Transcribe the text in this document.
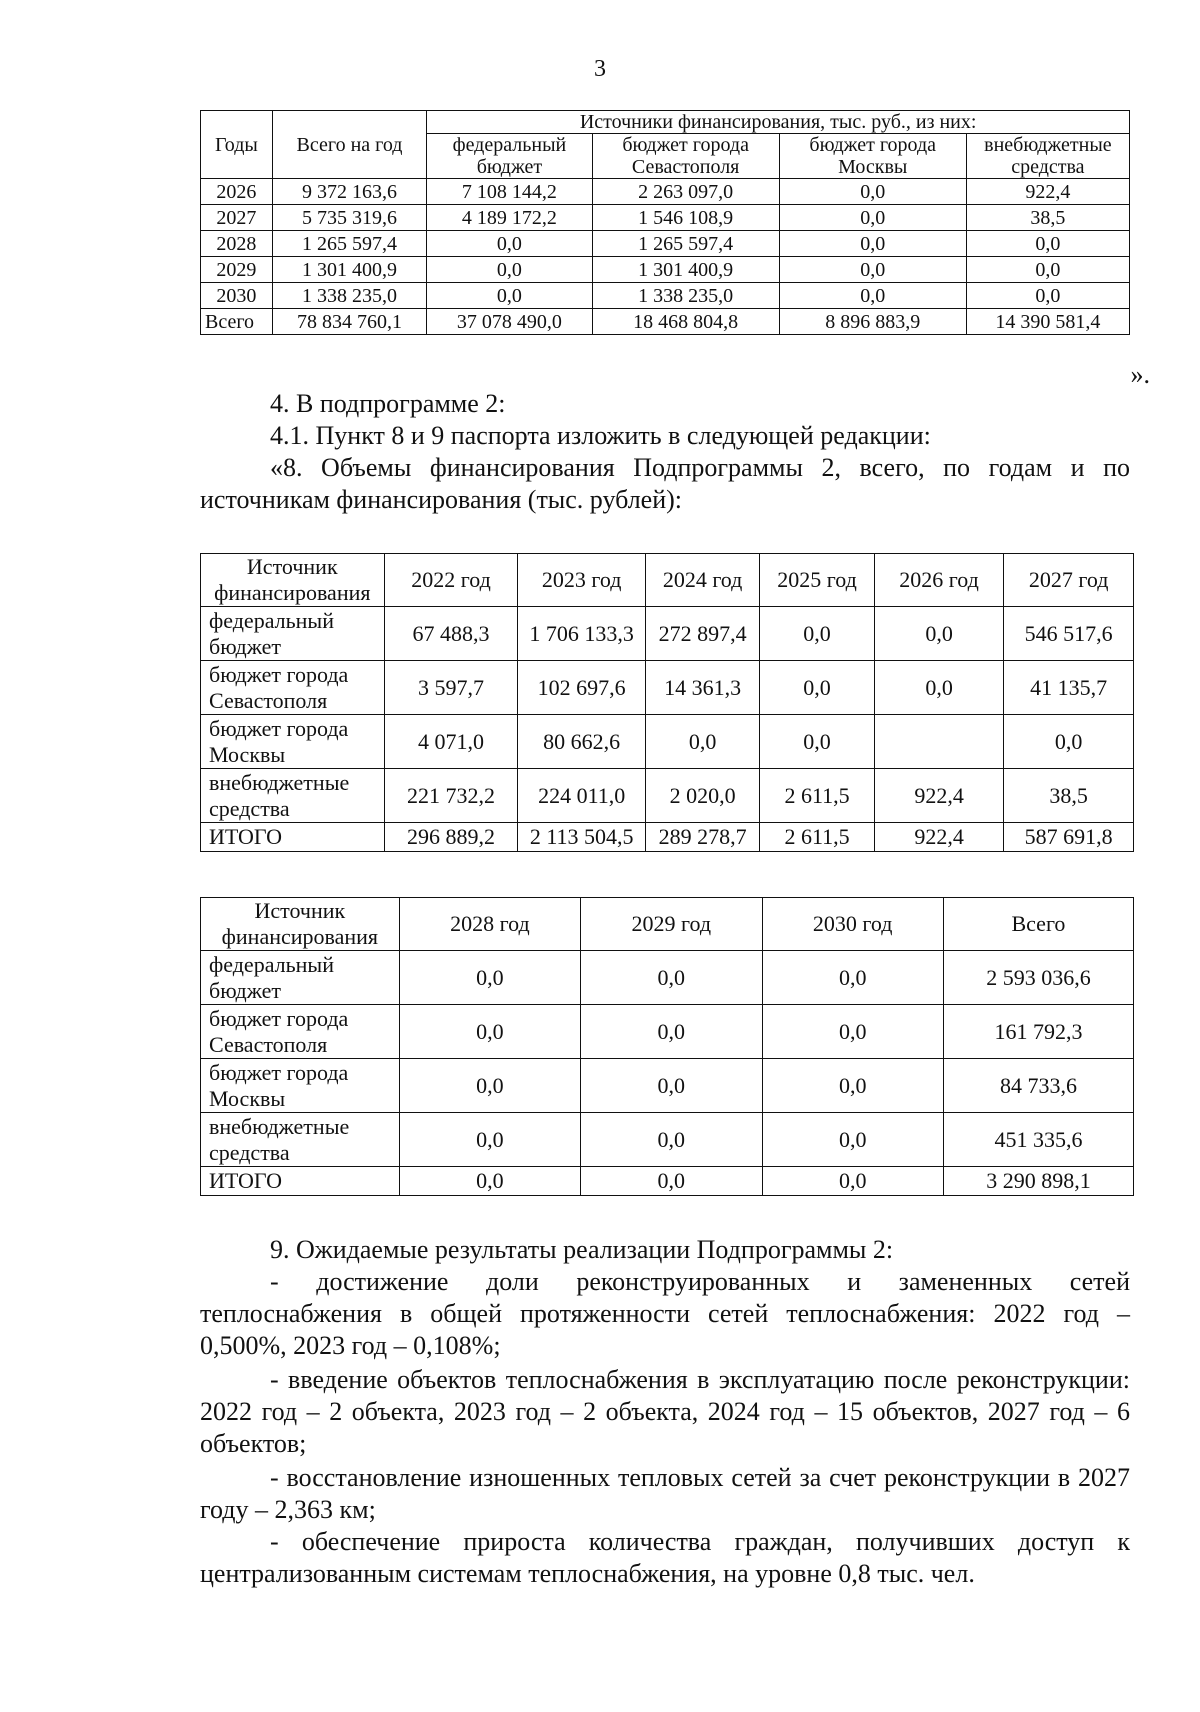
3
Годы	Всего на год	Источники финансирования, тыс. руб., из них:			
		федеральный бюджет	бюджет города Севастополя	бюджет города Москвы	внебюджетные средства
2026	9 372 163,6	7 108 144,2	2 263 097,0	0,0	922,4
2027	5 735 319,6	4 189 172,2	1 546 108,9	0,0	38,5
2028	1 265 597,4	0,0	1 265 597,4	0,0	0,0
2029	1 301 400,9	0,0	1 301 400,9	0,0	0,0
2030	1 338 235,0	0,0	1 338 235,0	0,0	0,0
Всего	78 834 760,1	37 078 490,0	18 468 804,8	8 896 883,9	14 390 581,4
».
4. В подпрограмме 2:
4.1. Пункт 8 и 9 паспорта изложить в следующей редакции:
«8. Объемы финансирования Подпрограммы 2, всего, по годам и по источникам финансирования (тыс. рублей):
Источник финансирования	2022 год	2023 год	2024 год	2025 год	2026 год	2027 год
федеральный бюджет	67 488,3	1 706 133,3	272 897,4	0,0	0,0	546 517,6
бюджет города Севастополя	3 597,7	102 697,6	14 361,3	0,0	0,0	41 135,7
бюджет города Москвы	4 071,0	80 662,6	0,0	0,0		0,0
внебюджетные средства	221 732,2	224 011,0	2 020,0	2 611,5	922,4	38,5
ИТОГО	296 889,2	2 113 504,5	289 278,7	2 611,5	922,4	587 691,8
Источник финансирования	2028 год	2029 год	2030 год	Всего
федеральный бюджет	0,0	0,0	0,0	2 593 036,6
бюджет города Севастополя	0,0	0,0	0,0	161 792,3
бюджет города Москвы	0,0	0,0	0,0	84 733,6
внебюджетные средства	0,0	0,0	0,0	451 335,6
ИТОГО	0,0	0,0	0,0	3 290 898,1
9. Ожидаемые результаты реализации Подпрограммы 2:
- достижение доли реконструированных и замененных сетей теплоснабжения в общей протяженности сетей теплоснабжения: 2022 год – 0,500%, 2023 год – 0,108%;
- введение объектов теплоснабжения в эксплуатацию после реконструкции: 2022 год – 2 объекта, 2023 год – 2 объекта, 2024 год – 15 объектов, 2027 год – 6 объектов;
- восстановление изношенных тепловых сетей за счет реконструкции в 2027 году – 2,363 км;
- обеспечение прироста количества граждан, получивших доступ к централизованным системам теплоснабжения, на уровне 0,8 тыс. чел.
